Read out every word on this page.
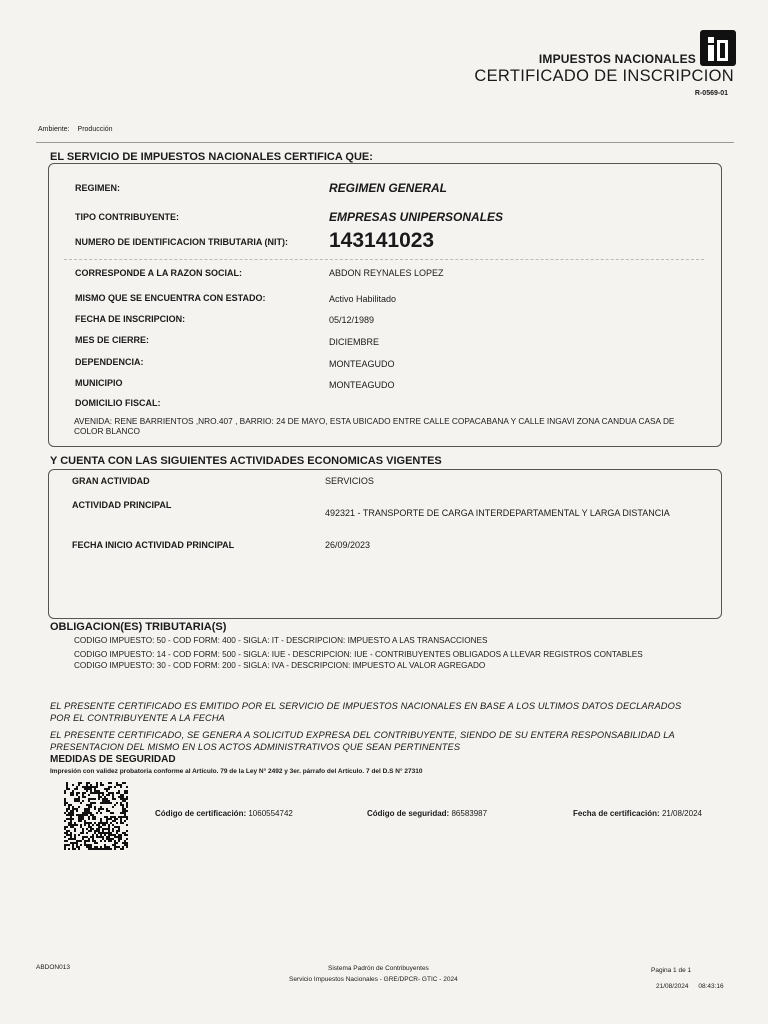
IMPUESTOS NACIONALES
CERTIFICADO DE INSCRIPCION
R-0569-01
Ambiente: Producción
EL SERVICIO DE IMPUESTOS NACIONALES CERTIFICA QUE:
REGIMEN:	REGIMEN GENERAL
TIPO CONTRIBUYENTE:	EMPRESAS UNIPERSONALES
NUMERO DE IDENTIFICACION TRIBUTARIA (NIT): 143141023
CORRESPONDE A LA RAZON SOCIAL:	ABDON REYNALES LOPEZ
MISMO QUE SE ENCUENTRA CON ESTADO:	Activo Habilitado
FECHA DE INSCRIPCION:	05/12/1989
MES DE CIERRE:	DICIEMBRE
DEPENDENCIA:	MONTEAGUDO
MUNICIPIO	MONTEAGUDO
DOMICILIO FISCAL:
AVENIDA: RENE BARRIENTOS ,NRO.407 , BARRIO: 24 DE MAYO, ESTA UBICADO ENTRE CALLE COPACABANA Y CALLE INGAVI ZONA CANDUA CASA DE
COLOR BLANCO
Y CUENTA CON LAS SIGUIENTES ACTIVIDADES ECONOMICAS VIGENTES
GRAN ACTIVIDAD	SERVICIOS
ACTIVIDAD PRINCIPAL
492321 - TRANSPORTE DE CARGA INTERDEPARTAMENTAL Y LARGA DISTANCIA
FECHA INICIO ACTIVIDAD PRINCIPAL	26/09/2023
OBLIGACION(ES) TRIBUTARIA(S)
CODIGO IMPUESTO: 50 - COD FORM: 400 - SIGLA: IT - DESCRIPCION: IMPUESTO A LAS TRANSACCIONES
CODIGO IMPUESTO: 14 - COD FORM: 500 - SIGLA: IUE - DESCRIPCION: IUE - CONTRIBUYENTES OBLIGADOS A LLEVAR REGISTROS CONTABLES
CODIGO IMPUESTO: 30 - COD FORM: 200 - SIGLA: IVA - DESCRIPCION: IMPUESTO AL VALOR AGREGADO
EL PRESENTE CERTIFICADO ES EMITIDO POR EL SERVICIO DE IMPUESTOS NACIONALES EN BASE A LOS ULTIMOS DATOS DECLARADOS
POR EL CONTRIBUYENTE A LA FECHA
EL PRESENTE CERTIFICADO, SE GENERA A SOLICITUD EXPRESA DEL CONTRIBUYENTE, SIENDO DE SU ENTERA RESPONSABILIDAD LA
PRESENTACION DEL MISMO EN LOS ACTOS ADMINISTRATIVOS QUE SEAN PERTINENTES
MEDIDAS DE SEGURIDAD
Impresión con validez probatoria conforme al Artículo. 79 de la Ley N° 2492 y 3er. párrafo del Artículo. 7 del D.S N° 27310
Código de certificación: 1060554742	Código de seguridad: 86583987	Fecha de certificación: 21/08/2024
ABDON013	Sistema Padrón de Contribuyentes
Servicio Impuestos Nacionales - GRE/DPCR- GTIC - 2024
Pagina 1 de 1
21/08/2024 08:43:16
